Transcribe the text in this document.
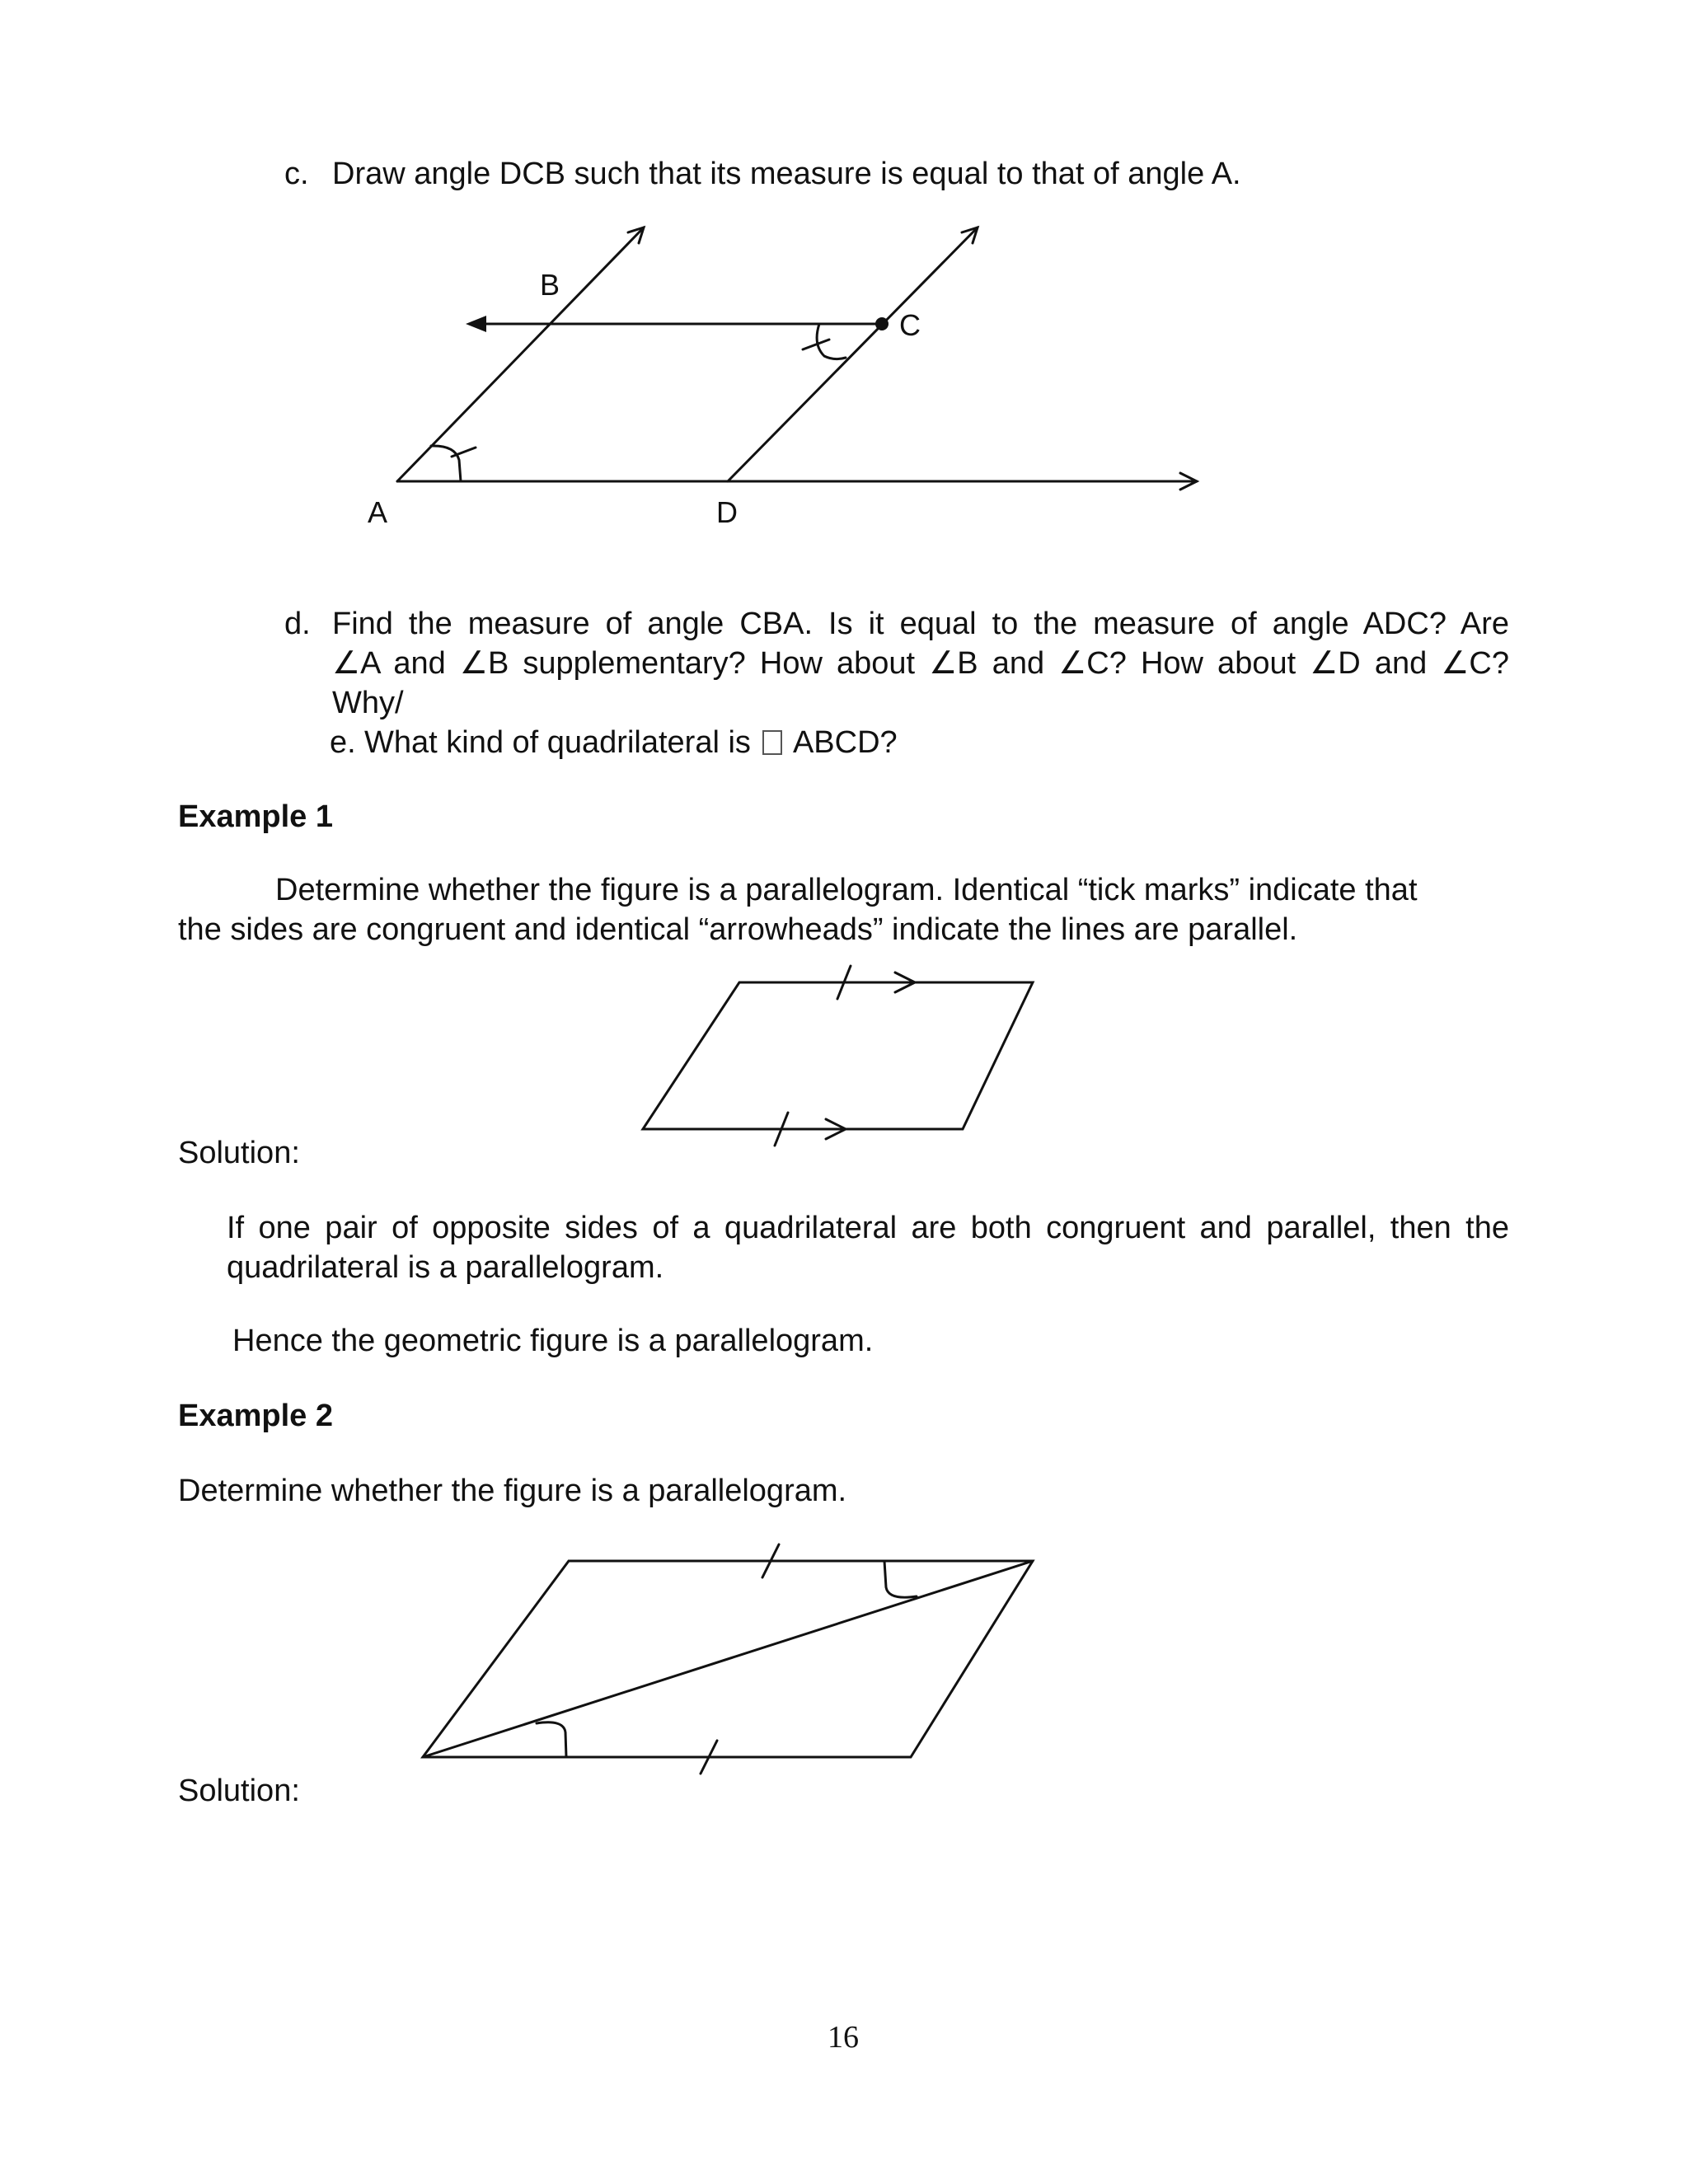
c. Draw angle DCB such that its measure is equal to that of angle A.
A
B
C
D
d. Find the measure of angle CBA. Is it equal to the measure of angle ADC? Are
∠A and ∠B supplementary? How about ∠B and ∠C? How about ∠D and ∠C?
Why/
e. What kind of quadrilateral is ABCD?
Example 1
Determine whether the figure is a parallelogram. Identical “tick marks” indicate that
the sides are congruent and identical “arrowheads” indicate the lines are parallel.
Solution:
If one pair of opposite sides of a quadrilateral are both congruent and parallel, then the
quadrilateral is a parallelogram.
Hence the geometric figure is a parallelogram.
Example 2
Determine whether the figure is a parallelogram.
Solution:
16
